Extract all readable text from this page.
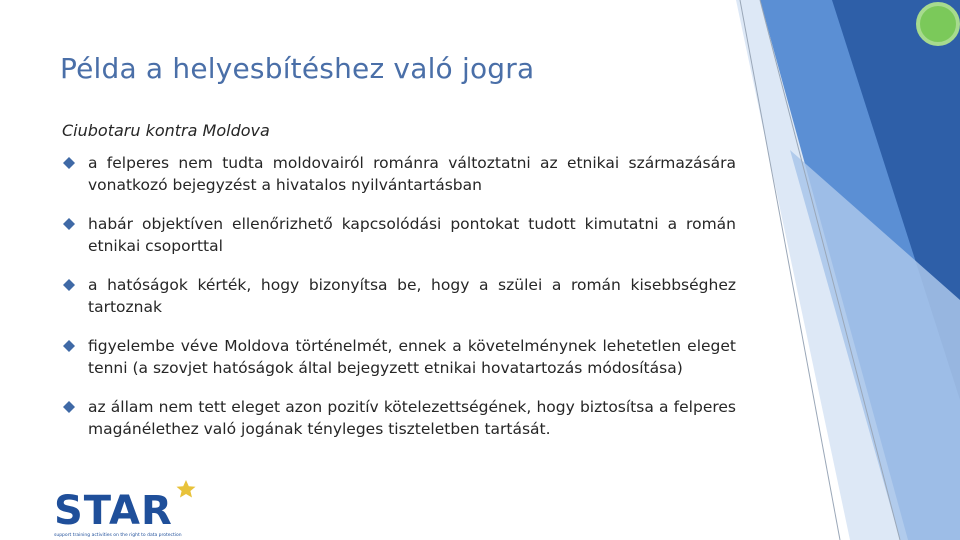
Példa a helyesbítéshez való jogra
Ciubotaru kontra Moldova
a felperes nem tudta moldovairól románra változtatni az etnikai származására vonatkozó bejegyzést a hivatalos nyilvántartásban
habár objektíven ellenőrizhető kapcsolódási pontokat tudott kimutatni a román etnikai csoporttal
a hatóságok kérték, hogy bizonyítsa be, hogy a szülei a román kisebbséghez tartoznak
figyelembe véve Moldova történelmét, ennek a követelménynek lehetetlen eleget tenni (a szovjet hatóságok által bejegyzett etnikai hovatartozás módosítása)
az állam nem tett eleget azon pozitív kötelezettségének, hogy biztosítsa a felperes magánélethez való jogának tényleges tiszteletben tartását.
STAR
support training activities on the right to data protection
